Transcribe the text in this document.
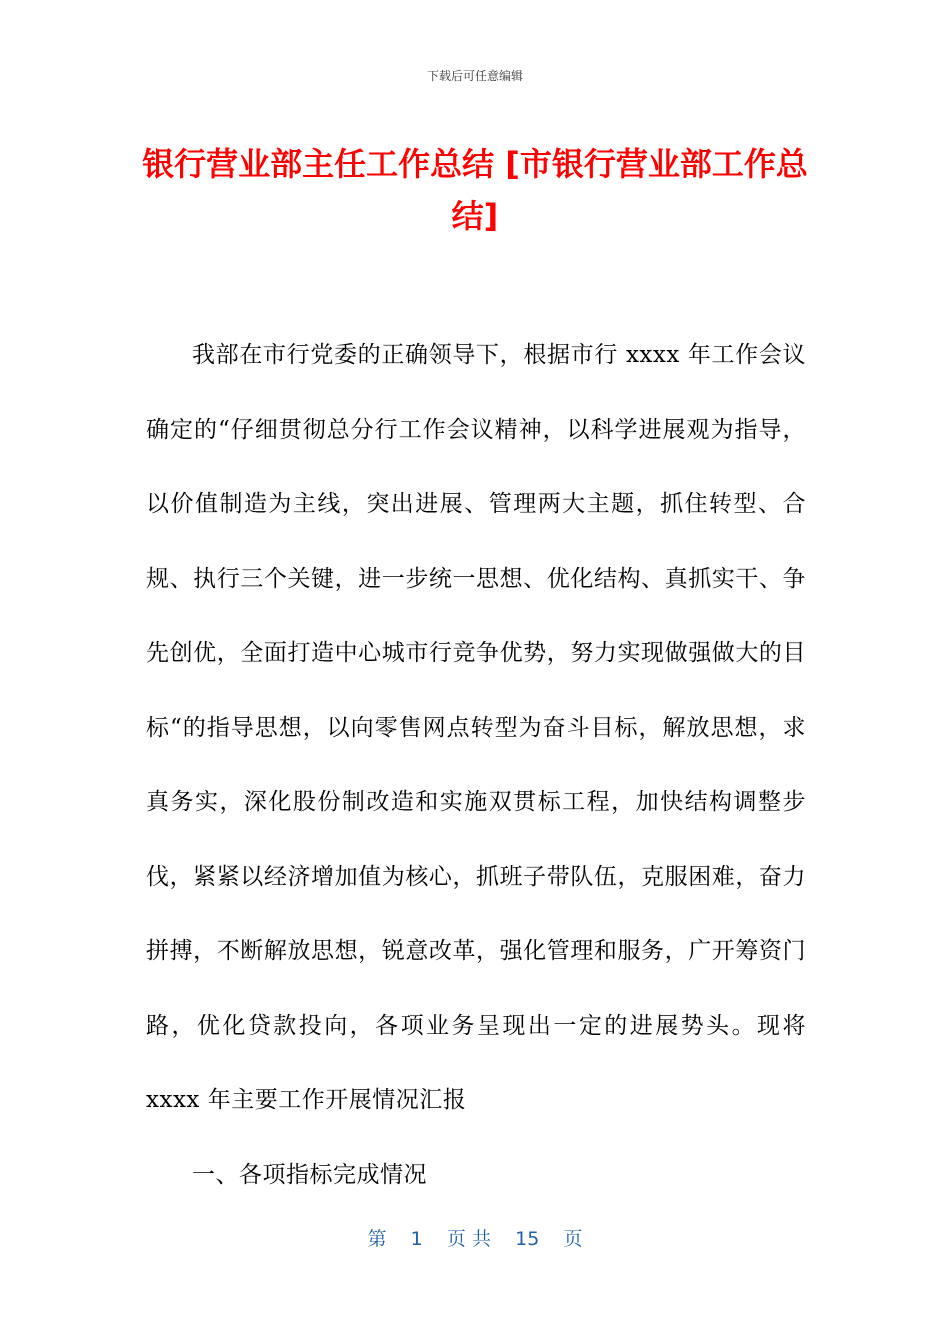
下载后可任意编辑
银行营业部主任工作总结 [市银行营业部工作总结]

我部在市行党委的正确领导下，根据市行 xxxx 年工作会议确定的“仔细贯彻总分行工作会议精神，以科学进展观为指导，以价值制造为主线，突出进展、管理两大主题，抓住转型、合规、执行三个关键，进一步统一思想、优化结构、真抓实干、争先创优，全面打造中心城市行竞争优势，努力实现做强做大的目标“的指导思想，以向零售网点转型为奋斗目标，解放思想，求真务实，深化股份制改造和实施双贯标工程，加快结构调整步伐，紧紧以经济增加值为核心，抓班子带队伍，克服困难，奋力拼搏，不断解放思想，锐意改革，强化管理和服务，广开筹资门路，优化贷款投向，各项业务呈现出一定的进展势头。现将 xxxx 年主要工作开展情况汇报

一、各项指标完成情况

第 1 页 共 15 页
